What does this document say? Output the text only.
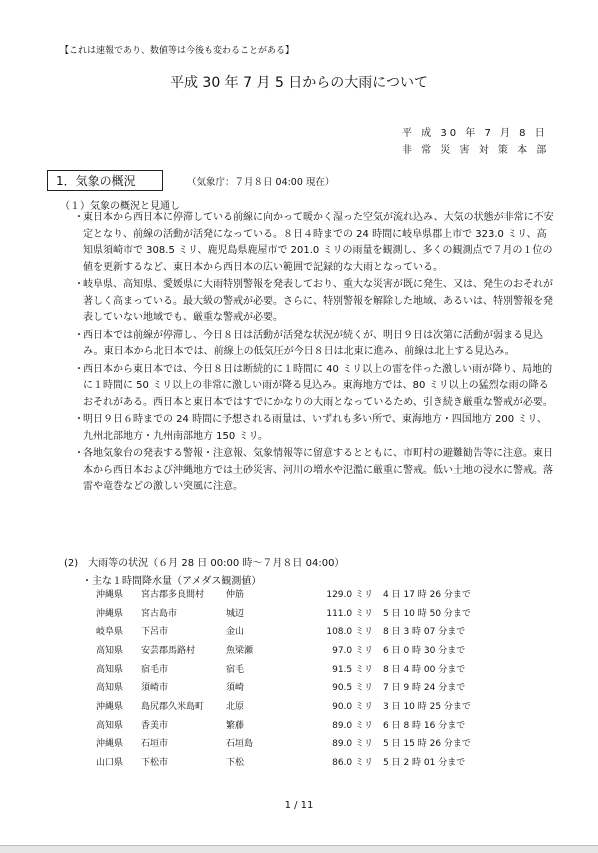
【これは速報であり、数値等は今後も変わることがある】
平成 30 年 7 月 5 日からの大雨について
平 成 30 年 7 月 8 日
非 常 災 害 対 策 本 部
1．気象の概況	（気象庁：７月８日 04:00 現在）
（１）気象の概況と見通し
・ 東日本から西日本に停滞している前線に向かって暖かく湿った空気が流れ込み、大気の状態が非常に不安定となり、前線の活動が活発になっている。８日４時までの 24 時間に岐阜県郡上市で 323.0 ミリ、高知県須崎市で 308.5 ミリ、鹿児島県鹿屋市で 201.0 ミリの雨量を観測し、多くの観測点で７月の１位の値を更新するなど、東日本から西日本の広い範囲で記録的な大雨となっている。
・ 岐阜県、高知県、愛媛県に大雨特別警報を発表しており、重大な災害が既に発生、又は、発生のおそれが著しく高まっている。最大級の警戒が必要。さらに、特別警報を解除した地域、あるいは、特別警報を発表していない地域でも、厳重な警戒が必要。
・ 西日本では前線が停滞し、今日８日は活動が活発な状況が続くが、明日９日は次第に活動が弱まる見込み。東日本から北日本では、前線上の低気圧が今日８日は北東に進み、前線は北上する見込み。
・ 西日本から東日本では、今日８日は断続的に１時間に 40 ミリ以上の雷を伴った激しい雨が降り、局地的に１時間に 50 ミリ以上の非常に激しい雨が降る見込み。東海地方では、80 ミリ以上の猛烈な雨の降るおそれがある。西日本と東日本ではすでにかなりの大雨となっているため、引き続き厳重な警戒が必要。
・ 明日９日６時までの 24 時間に予想される雨量は、いずれも多い所で、東海地方・四国地方 200 ミリ、九州北部地方・九州南部地方 150 ミリ。
・ 各地気象台の発表する警報・注意報、気象情報等に留意するとともに、市町村の避難勧告等に注意。東日本から西日本および沖縄地方では土砂災害、河川の増水や氾濫に厳重に警戒。低い土地の浸水に警戒。落雷や竜巻などの激しい突風に注意。
(2) 大雨等の状況（６月 28 日 00:00 時～７月８日 04:00）
・主な１時間降水量（アメダス観測値）
沖縄県	宮古郡多良間村	仲筋	129.0 ミリ	4 日 17 時 26 分まで
沖縄県	宮古島市	城辺	111.0 ミリ	5 日 10 時 50 分まで
岐阜県	下呂市	金山	108.0 ミリ	8 日 3 時 07 分まで
高知県	安芸郡馬路村	魚梁瀬	97.0 ミリ	6 日 0 時 30 分まで
高知県	宿毛市	宿毛	91.5 ミリ	8 日 4 時 00 分まで
高知県	須崎市	須崎	90.5 ミリ	7 日 9 時 24 分まで
沖縄県	島尻郡久米島町	北原	90.0 ミリ	3 日 10 時 25 分まで
高知県	香美市	繁藤	89.0 ミリ	6 日 8 時 16 分まで
沖縄県	石垣市	石垣島	89.0 ミリ	5 日 15 時 26 分まで
山口県	下松市	下松	86.0 ミリ	5 日 2 時 01 分まで
1 / 11
